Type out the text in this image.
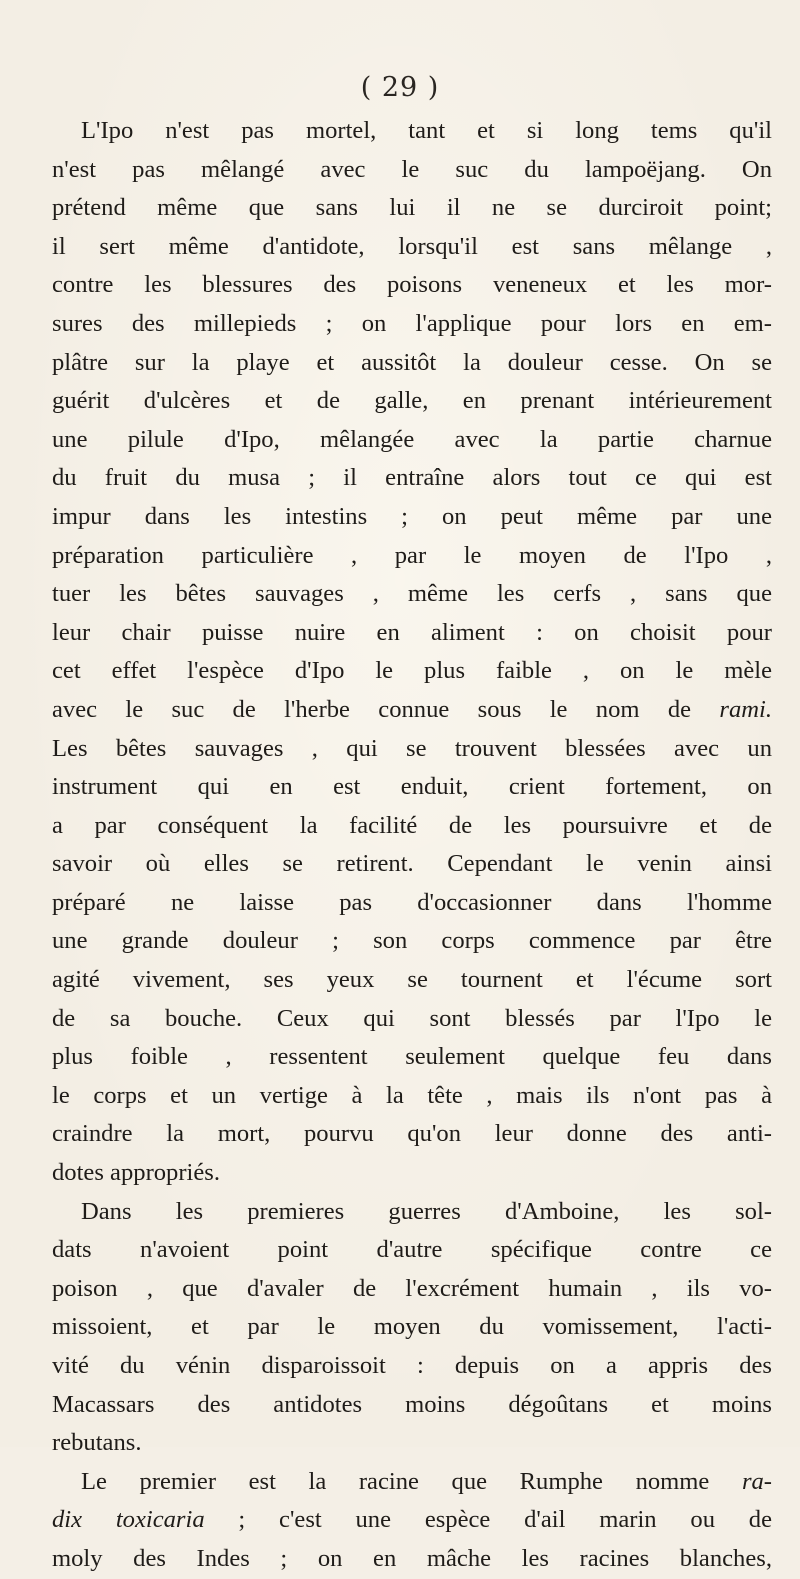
( 29 )
L'Ipo n'est pas mortel, tant et si long tems qu'il
n'est pas mêlangé avec le suc du lampoëjang. On
prétend même que sans lui il ne se durciroit point;
il sert même d'antidote, lorsqu'il est sans mêlange ,
contre les blessures des poisons veneneux et les mor-
sures des millepieds ; on l'applique pour lors en em-
plâtre sur la playe et aussitôt la douleur cesse. On se
guérit d'ulcères et de galle, en prenant intérieurement
une pilule d'Ipo, mêlangée avec la partie charnue
du fruit du musa ; il entraîne alors tout ce qui est
impur dans les intestins ; on peut même par une
préparation particulière , par le moyen de l'Ipo ,
tuer les bêtes sauvages , même les cerfs , sans que
leur chair puisse nuire en aliment : on choisit pour
cet effet l'espèce d'Ipo le plus faible , on le mèle
avec le suc de l'herbe connue sous le nom de rami.
Les bêtes sauvages , qui se trouvent blessées avec un
instrument qui en est enduit, crient fortement, on
a par conséquent la facilité de les poursuivre et de
savoir où elles se retirent. Cependant le venin ainsi
préparé ne laisse pas d'occasionner dans l'homme
une grande douleur ; son corps commence par être
agité vivement, ses yeux se tournent et l'écume sort
de sa bouche. Ceux qui sont blessés par l'Ipo le
plus foible , ressentent seulement quelque feu dans
le corps et un vertige à la tête , mais ils n'ont pas à
craindre la mort, pourvu qu'on leur donne des anti-
dotes appropriés.
Dans les premieres guerres d'Amboine, les sol-
dats n'avoient point d'autre spécifique contre ce
poison , que d'avaler de l'excrément humain , ils vo-
missoient, et par le moyen du vomissement, l'acti-
vité du vénin disparoissoit : depuis on a appris des
Macassars des antidotes moins dégoûtans et moins
rebutans.
Le premier est la racine que Rumphe nomme ra-
dix toxicaria ; c'est une espèce d'ail marin ou de
moly des Indes ; on en mâche les racines blanches,
